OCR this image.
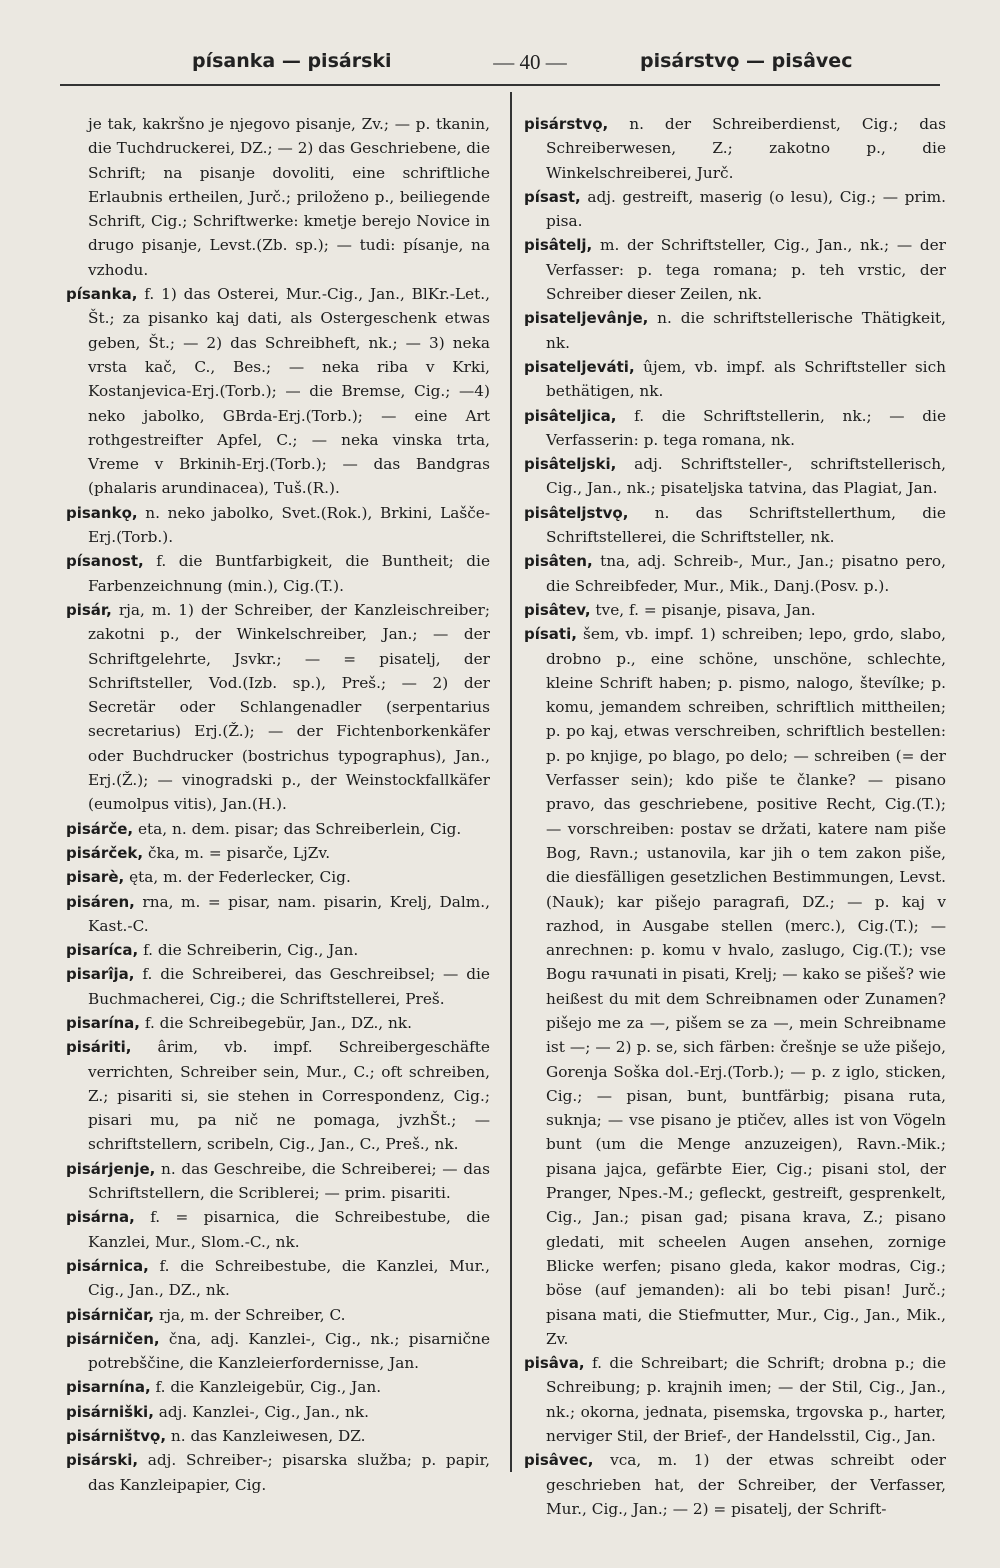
písanka — pisárski	— 40 —	pisárstvǫ — pisâvec

je tak, kakršno je njegovo pisanje, Zv.; — p. tkanin, die Tuchdruckerei, DZ.; — 2) das Geschriebene, die Schrift; na pisanje dovoliti, eine schriftliche Erlaubnis ertheilen, Jurč.; priloženo p., beiliegende Schrift, Cig.; Schriftwerke: kmetje berejo Novice in drugo pisanje, Levst.(Zb. sp.); — tudi: písanje, na vzhodu.

písanka, f. 1) das Osterei, Mur.-Cig., Jan., BlKr.-Let., Št.; za pisanko kaj dati, als Ostergeschenk etwas geben, Št.; — 2) das Schreibheft, nk.; — 3) neka vrsta kač, C., Bes.; — neka riba v Krki, Kostanjevica-Erj.(Torb.); — die Bremse, Cig.; —4) neko jabolko, GBrda-Erj.(Torb.); — eine Art rothgestreifter Apfel, C.; — neka vinska trta, Vreme v Brkinih-Erj.(Torb.); — das Bandgras (phalaris arundinacea), Tuš.(R.).

pisankǫ, n. neko jabolko, Svet.(Rok.), Brkini, Lašče-Erj.(Torb.).

písanost, f. die Buntfarbigkeit, die Buntheit; die Farbenzeichnung (min.), Cig.(T.).

pisár, rja, m. 1) der Schreiber, der Kanzleischreiber; zakotni p., der Winkelschreiber, Jan.; — der Schriftgelehrte, Jsvkr.; — = pisatelj, der Schriftsteller, Vod.(Izb. sp.), Preš.; — 2) der Secretär oder Schlangenadler (serpentarius secretarius) Erj.(Ž.); — der Fichtenborkenkäfer oder Buchdrucker (bostrichus typographus), Jan., Erj.(Ž.); — vinogradski p., der Weinstockfallkäfer (eumolpus vitis), Jan.(H.).

pisárče, eta, n. dem. pisar; das Schreiberlein, Cig.

pisárček, čka, m. = pisarče, LjZv.

pisarè, ęta, m. der Federlecker, Cig.

pisáren, rna, m. = pisar, nam. pisarin, Krelj, Dalm., Kast.-C.

pisaríca, f. die Schreiberin, Cig., Jan.

pisarîja, f. die Schreiberei, das Geschreibsel; — die Buchmacherei, Cig.; die Schriftstellerei, Preš.

pisarína, f. die Schreibegebür, Jan., DZ., nk.

pisáriti, ârim, vb. impf. Schreibergeschäfte verrichten, Schreiber sein, Mur., C.; oft schreiben, Z.; pisariti si, sie stehen in Correspondenz, Cig.; pisari mu, pa nič ne pomaga, jvzhŠt.; — schriftstellern, scribeln, Cig., Jan., C., Preš., nk.

pisárjenje, n. das Geschreibe, die Schreiberei; — das Schriftstellern, die Scriblerei; — prim. pisariti.

pisárna, f. = pisarnica, die Schreibestube, die Kanzlei, Mur., Slom.-C., nk.

pisárnica, f. die Schreibestube, die Kanzlei, Mur., Cig., Jan., DZ., nk.

pisárničar, rja, m. der Schreiber, C.

pisárničen, čna, adj. Kanzlei-, Cig., nk.; pisarnične potrebščine, die Kanzleierfordernisse, Jan.

pisarnína, f. die Kanzleigebür, Cig., Jan.

pisárniški, adj. Kanzlei-, Cig., Jan., nk.

pisárništvǫ, n. das Kanzleiwesen, DZ.

pisárski, adj. Schreiber-; pisarska služba; p. papir, das Kanzleipapier, Cig.

pisárstvǫ, n. der Schreiberdienst, Cig.; das Schreiberwesen, Z.; zakotno p., die Winkelschreiberei, Jurč.

písast, adj. gestreift, maserig (o lesu), Cig.; — prim. pisa.

pisâtelj, m. der Schriftsteller, Cig., Jan., nk.; — der Verfasser: p. tega romana; p. teh vrstic, der Schreiber dieser Zeilen, nk.

pisateljevânje, n. die schriftstellerische Thätigkeit, nk.

pisateljeváti, ûjem, vb. impf. als Schriftsteller sich bethätigen, nk.

pisâteljica, f. die Schriftstellerin, nk.; — die Verfasserin: p. tega romana, nk.

pisâteljski, adj. Schriftsteller-, schriftstellerisch, Cig., Jan., nk.; pisateljska tatvina, das Plagiat, Jan.

pisâteljstvǫ, n. das Schriftstellerthum, die Schriftstellerei, die Schriftsteller, nk.

pisâten, tna, adj. Schreib-, Mur., Jan.; pisatno pero, die Schreibfeder, Mur., Mik., Danj.(Posv. p.).

pisâtev, tve, f. = pisanje, pisava, Jan.

písati, šem, vb. impf. 1) schreiben; lepo, grdo, slabo, drobno p., eine schöne, unschöne, schlechte, kleine Schrift haben; p. pismo, nalogo, števílke; p. komu, jemandem schreiben, schriftlich mittheilen; p. po kaj, etwas verschreiben, schriftlich bestellen: p. po knjige, po blago, po delo; — schreiben (= der Verfasser sein); kdo piše te članke? — pisano pravo, das geschriebene, positive Recht, Cig.(T.); — vorschreiben: postav se držati, katere nam piše Bog, Ravn.; ustanovila, kar jih o tem zakon piše, die diesfälligen gesetzlichen Bestimmungen, Levst.(Nauk); kar pišejo paragrafi, DZ.; — p. kaj v razhod, in Ausgabe stellen (merc.), Cig.(T.); — anrechnen: p. komu v hvalo, zaslugo, Cig.(T.); vse Bogu rачunati in pisati, Krelj; — kako se pišeš? wie heißest du mit dem Schreibnamen oder Zunamen? pišejo me za —, pišem se za —, mein Schreibname ist —; — 2) p. se, sich färben: črešnje se uže pišejo, Gorenja Soška dol.-Erj.(Torb.); — p. z iglo, sticken, Cig.; — pisan, bunt, buntfärbig; pisana ruta, suknja; — vse pisano je ptičev, alles ist von Vögeln bunt (um die Menge anzuzeigen), Ravn.-Mik.; pisana jajca, gefärbte Eier, Cig.; pisani stol, der Pranger, Npes.-M.; gefleckt, gestreift, gesprenkelt, Cig., Jan.; pisan gad; pisana krava, Z.; pisano gledati, mit scheelen Augen ansehen, zornige Blicke werfen; pisano gleda, kakor modras, Cig.; böse (auf jemanden): ali bo tebi pisan! Jurč.; pisana mati, die Stiefmutter, Mur., Cig., Jan., Mik., Zv.

pisâva, f. die Schreibart; die Schrift; drobna p.; die Schreibung; p. krajnih imen; — der Stil, Cig., Jan., nk.; okorna, jednata, pisemska, trgovska p., harter, nerviger Stil, der Brief-, der Handelsstil, Cig., Jan.

pisâvec, vca, m. 1) der etwas schreibt oder geschrieben hat, der Schreiber, der Verfasser, Mur., Cig., Jan.; — 2) = pisatelj, der Schrift-
